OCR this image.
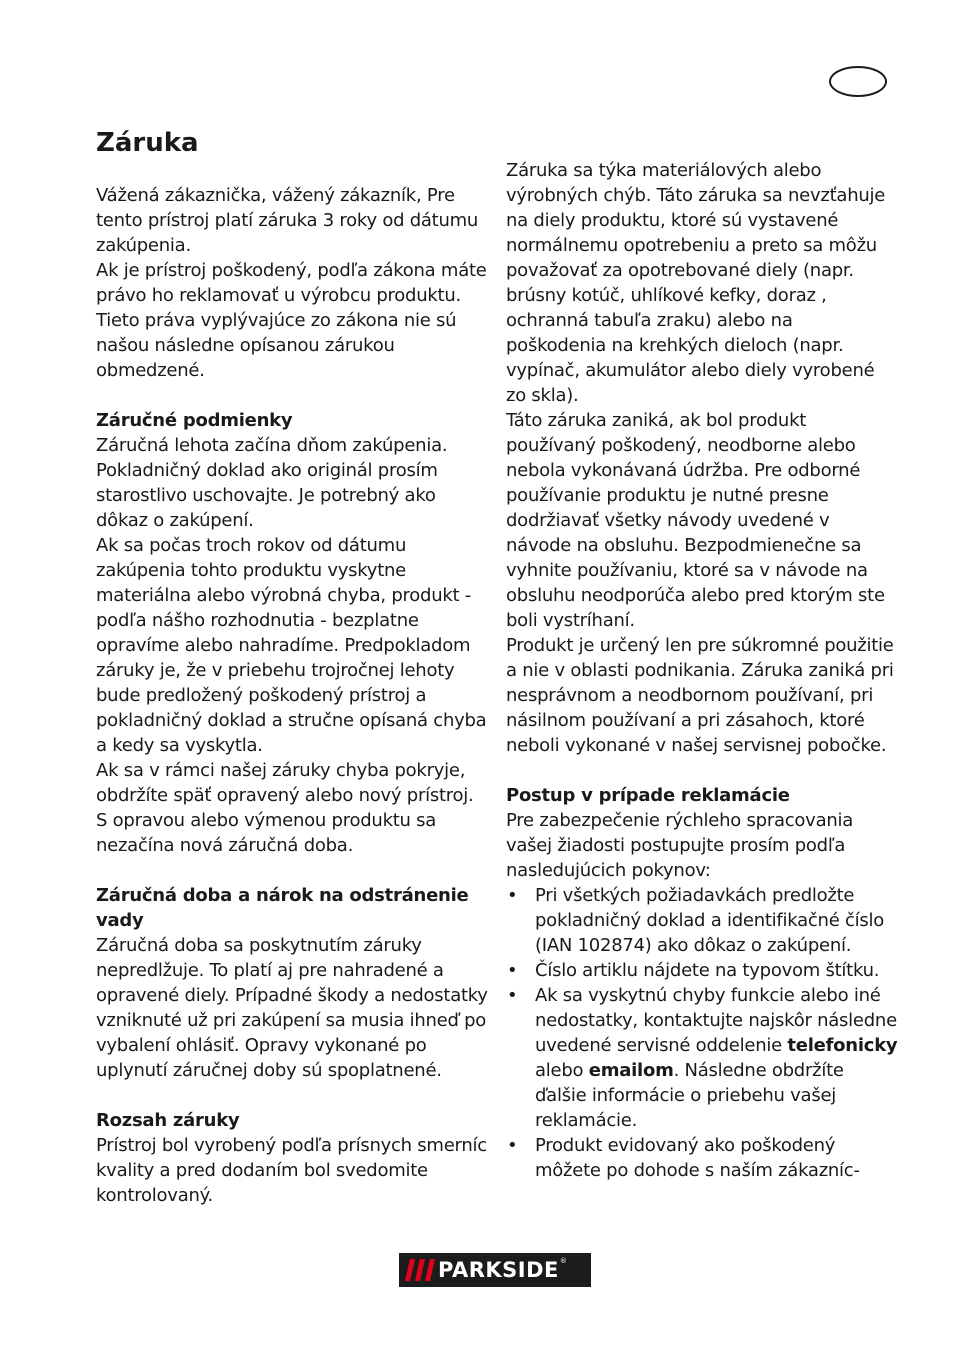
Záruka

Vážená zákaznička, vážený zákazník, Pre tento prístroj platí záruka 3 roky od dátumu zakúpenia.

Ak je prístroj poškodený, podľa zákona máte právo ho reklamovať u výrobcu produktu. Tieto práva vyplývajúce zo zákona nie sú našou následne opísanou zárukou obmedzené.

Záručné podmienky

Záručná lehota začína dňom zakúpenia. Pokladničný doklad ako originál prosím starostlivo uschovajte. Je potrebný ako dôkaz o zakúpení.

Ak sa počas troch rokov od dátumu zakúpenia tohto produktu vyskytne materiálna alebo výrobná chyba, produkt - podľa nášho rozhodnutia - bezplatne opravíme alebo nahradíme. Predpokladom záruky je, že v priebehu trojročnej lehoty bude predložený poškodený prístroj a pokladničný doklad a stručne opísaná chyba a kedy sa vyskytla.

Ak sa v rámci našej záruky chyba pokryje, obdržíte späť opravený alebo nový prístroj. S opravou alebo výmenou produktu sa nezačína nová záručná doba.

Záručná doba a nárok na odstránenie vady

Záručná doba sa poskytnutím záruky nepredlžuje. To platí aj pre nahradené a opravené diely. Prípadné škody a nedostatky vzniknuté už pri zakúpení sa musia ihneď po vybalení ohlásiť. Opravy vykonané po uplynutí záručnej doby sú spoplatnené.

Rozsah záruky

Prístroj bol vyrobený podľa prísnych smerníc kvality a pred dodaním bol svedomite kontrolovaný.

Záruka sa týka materiálových alebo výrobných chýb. Táto záruka sa nevzťahuje na diely produktu, ktoré sú vystavené normálnemu opotrebeniu a preto sa môžu považovať za opotrebované diely (napr. brúsny kotúč, uhlíkové kefky, doraz , ochranná tabuľa zraku) alebo na poškodenia na krehkých dieloch (napr. vypínač, akumulátor alebo diely vyrobené zo skla).

Táto záruka zaniká, ak bol produkt používaný poškodený, neodborne alebo nebola vykonávaná údržba. Pre odborné používanie produktu je nutné presne dodržiavať všetky návody uvedené v návode na obsluhu. Bezpodmienečne sa vyhnite používaniu, ktoré sa v návode na obsluhu neodporúča alebo pred ktorým ste boli vystríhaní.

Produkt je určený len pre súkromné použitie a nie v oblasti podnikania. Záruka zaniká pri nesprávnom a neodbornom používaní, pri násilnom používaní a pri zásahoch, ktoré neboli vykonané v našej servisnej pobočke.

Postup v prípade reklamácie

Pre zabezpečenie rýchleho spracovania vašej žiadosti postupujte prosím podľa nasledujúcich pokynov:

• Pri všetkých požiadavkách predložte pokladničný doklad a identifikačné číslo (IAN 102874) ako dôkaz o zakúpení.
• Číslo artiklu nájdete na typovom štítku.
• Ak sa vyskytnú chyby funkcie alebo iné nedostatky, kontaktujte najskôr následne uvedené servisné oddelenie telefonicky alebo emailom. Následne obdržíte ďalšie informácie o priebehu vašej reklamácie.
• Produkt evidovaný ako poškodený môžete po dohode s naším zákazníc-
PARKSIDE ®
